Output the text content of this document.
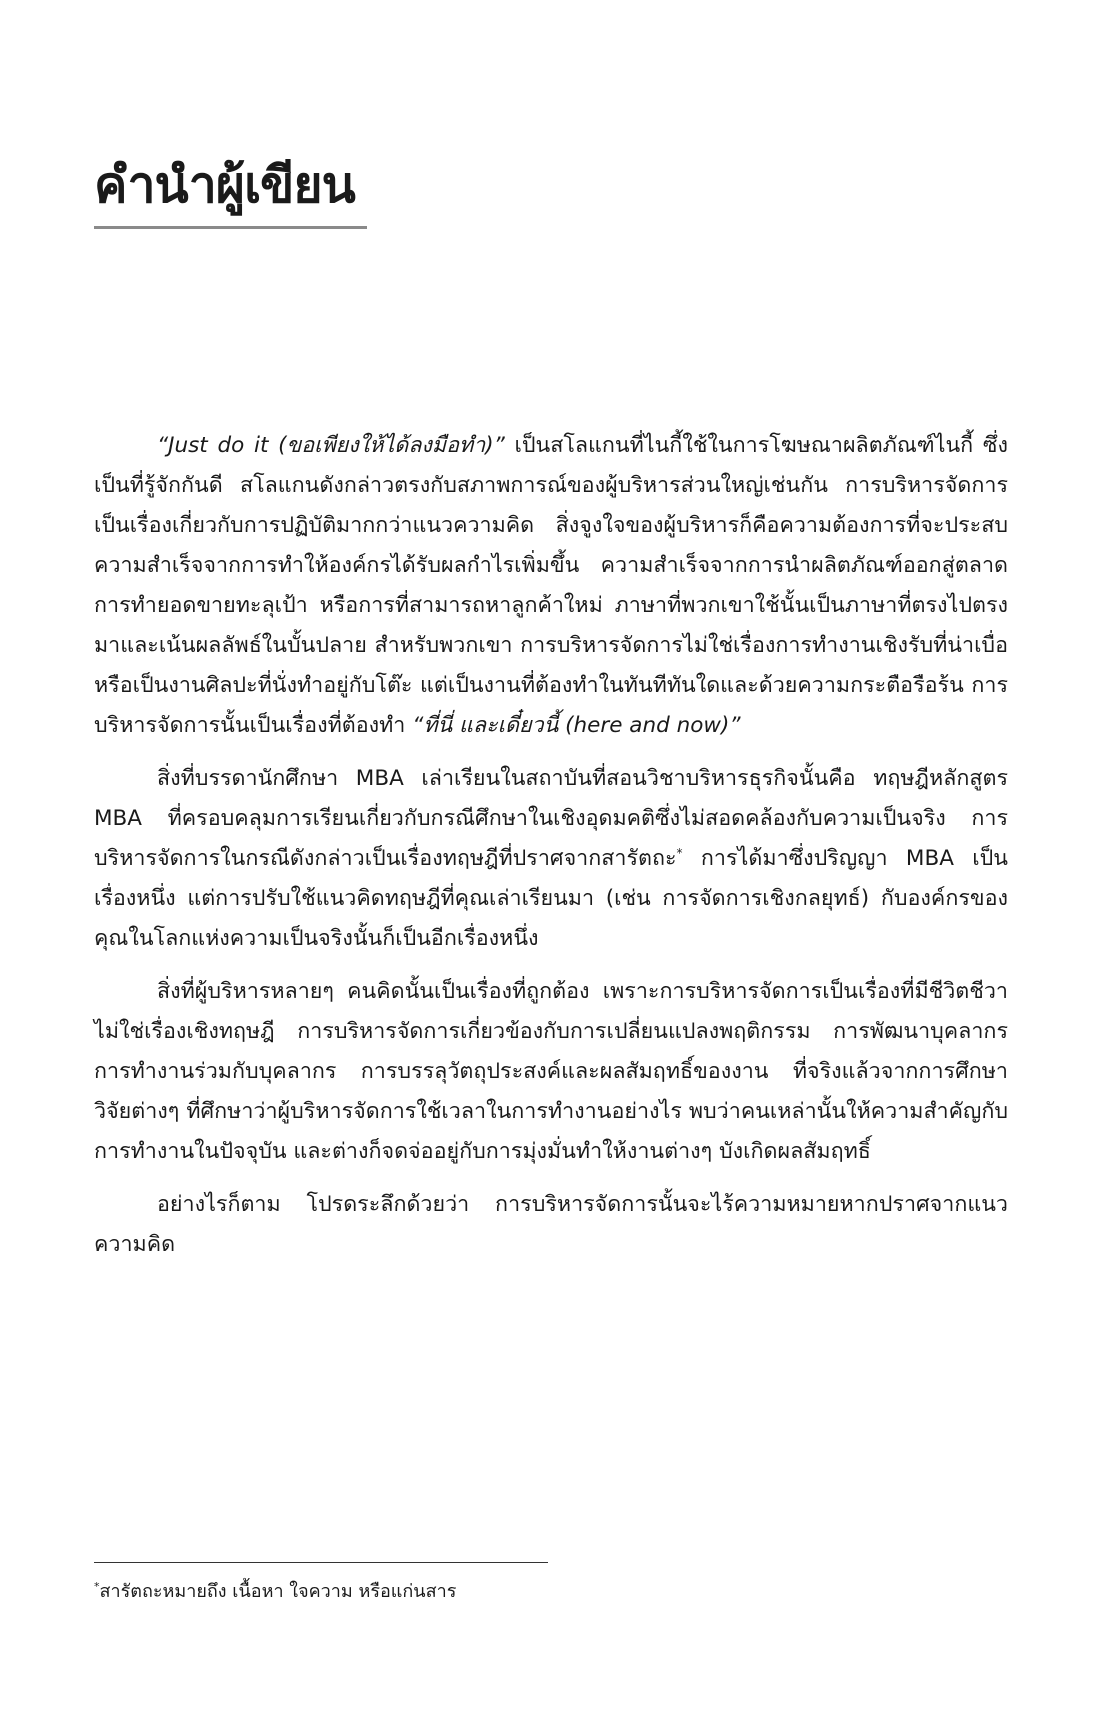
คำนำผู้เขียน

“Just do it (ขอเพียงให้ได้ลงมือทำ)” เป็นสโลแกนที่ไนกี้ใช้ในการโฆษณาผลิตภัณฑ์ไนกี้ ซึ่งเป็นที่รู้จักกันดี สโลแกนดังกล่าวตรงกับสภาพการณ์ของผู้บริหารส่วนใหญ่เช่นกัน การบริหารจัดการเป็นเรื่องเกี่ยวกับการปฏิบัติมากกว่าแนวความคิด สิ่งจูงใจของผู้บริหารก็คือความต้องการที่จะประสบความสำเร็จจากการทำให้องค์กรได้รับผลกำไรเพิ่มขึ้น ความสำเร็จจากการนำผลิตภัณฑ์ออกสู่ตลาด การทำยอดขายทะลุเป้า หรือการที่สามารถหาลูกค้าใหม่ ภาษาที่พวกเขาใช้นั้นเป็นภาษาที่ตรงไปตรงมาและเน้นผลลัพธ์ในบั้นปลาย สำหรับพวกเขา การบริหารจัดการไม่ใช่เรื่องการทำงานเชิงรับที่น่าเบื่อหรือเป็นงานศิลปะที่นั่งทำอยู่กับโต๊ะ แต่เป็นงานที่ต้องทำในทันทีทันใดและด้วยความกระตือรือร้น การบริหารจัดการนั้นเป็นเรื่องที่ต้องทำ “ที่นี่ และเดี๋ยวนี้ (here and now)”

สิ่งที่บรรดานักศึกษา MBA เล่าเรียนในสถาบันที่สอนวิชาบริหารธุรกิจนั้นคือ ทฤษฎีหลักสูตร MBA ที่ครอบคลุมการเรียนเกี่ยวกับกรณีศึกษาในเชิงอุดมคติซึ่งไม่สอดคล้องกับความเป็นจริง การบริหารจัดการในกรณีดังกล่าวเป็นเรื่องทฤษฎีที่ปราศจากสารัตถะ* การได้มาซึ่งปริญญา MBA เป็นเรื่องหนึ่ง แต่การปรับใช้แนวคิดทฤษฎีที่คุณเล่าเรียนมา (เช่น การจัดการเชิงกลยุทธ์) กับองค์กรของคุณในโลกแห่งความเป็นจริงนั้นก็เป็นอีกเรื่องหนึ่ง

สิ่งที่ผู้บริหารหลายๆ คนคิดนั้นเป็นเรื่องที่ถูกต้อง เพราะการบริหารจัดการเป็นเรื่องที่มีชีวิตชีวา ไม่ใช่เรื่องเชิงทฤษฎี การบริหารจัดการเกี่ยวข้องกับการเปลี่ยนแปลงพฤติกรรม การพัฒนาบุคลากร การทำงานร่วมกับบุคลากร การบรรลุวัตถุประสงค์และผลสัมฤทธิ์ของงาน ที่จริงแล้วจากการศึกษาวิจัยต่างๆ ที่ศึกษาว่าผู้บริหารจัดการใช้เวลาในการทำงานอย่างไร พบว่าคนเหล่านั้นให้ความสำคัญกับการทำงานในปัจจุบัน และต่างก็จดจ่ออยู่กับการมุ่งมั่นทำให้งานต่างๆ บังเกิดผลสัมฤทธิ์

อย่างไรก็ตาม โปรดระลึกด้วยว่า การบริหารจัดการนั้นจะไร้ความหมายหากปราศจากแนวความคิด

*สารัตถะหมายถึง เนื้อหา ใจความ หรือแก่นสาร
